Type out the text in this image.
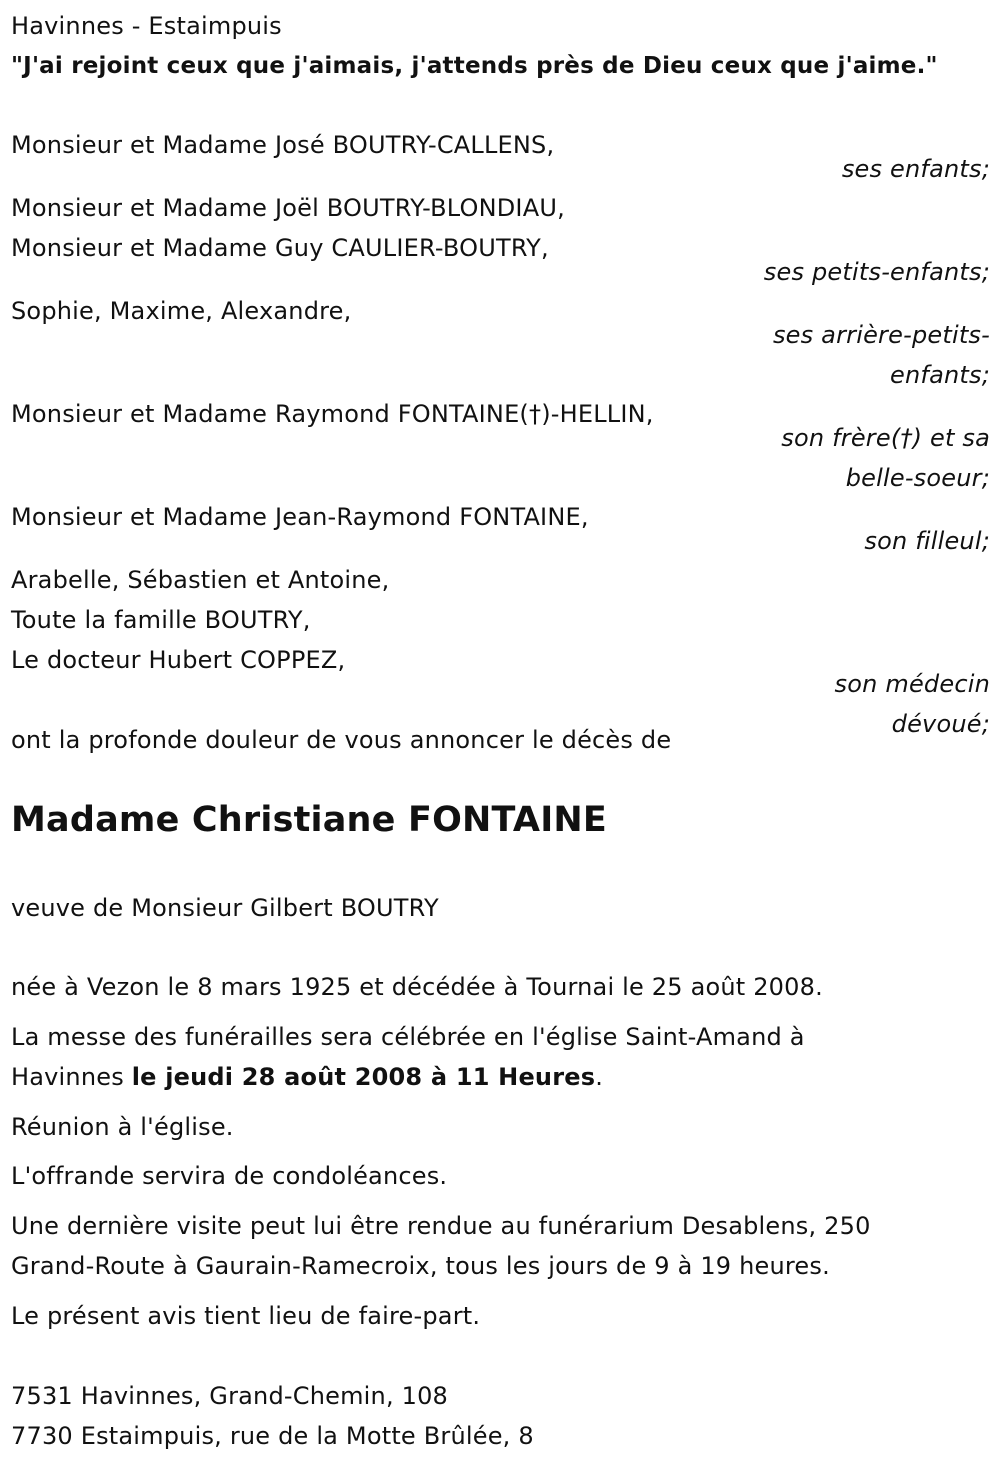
Havinnes - Estaimpuis
"J'ai rejoint ceux que j'aimais, j'attends près de Dieu ceux que j'aime."
Monsieur et Madame José BOUTRY-CALLENS,
ses enfants;
Monsieur et Madame Joël BOUTRY-BLONDIAU,
Monsieur et Madame Guy CAULIER-BOUTRY,
ses petits-enfants;
Sophie, Maxime, Alexandre,
ses arrière-petits-
enfants;
Monsieur et Madame Raymond FONTAINE(†)-HELLIN,
son frère(†) et sa
belle-soeur;
Monsieur et Madame Jean-Raymond FONTAINE,
son filleul;
Arabelle, Sébastien et Antoine,
Toute la famille BOUTRY,
Le docteur Hubert COPPEZ,
son médecin
dévoué;
ont la profonde douleur de vous annoncer le décès de
Madame Christiane FONTAINE
veuve de Monsieur Gilbert BOUTRY
née à Vezon le 8 mars 1925 et décédée à Tournai le 25 août 2008.
La messe des funérailles sera célébrée en l'église Saint-Amand à
Havinnes le jeudi 28 août 2008 à 11 Heures.
Réunion à l'église.
L'offrande servira de condoléances.
Une dernière visite peut lui être rendue au funérarium Desablens, 250
Grand-Route à Gaurain-Ramecroix, tous les jours de 9 à 19 heures.
Le présent avis tient lieu de faire-part.
7531 Havinnes, Grand-Chemin, 108
7730 Estaimpuis, rue de la Motte Brûlée, 8
